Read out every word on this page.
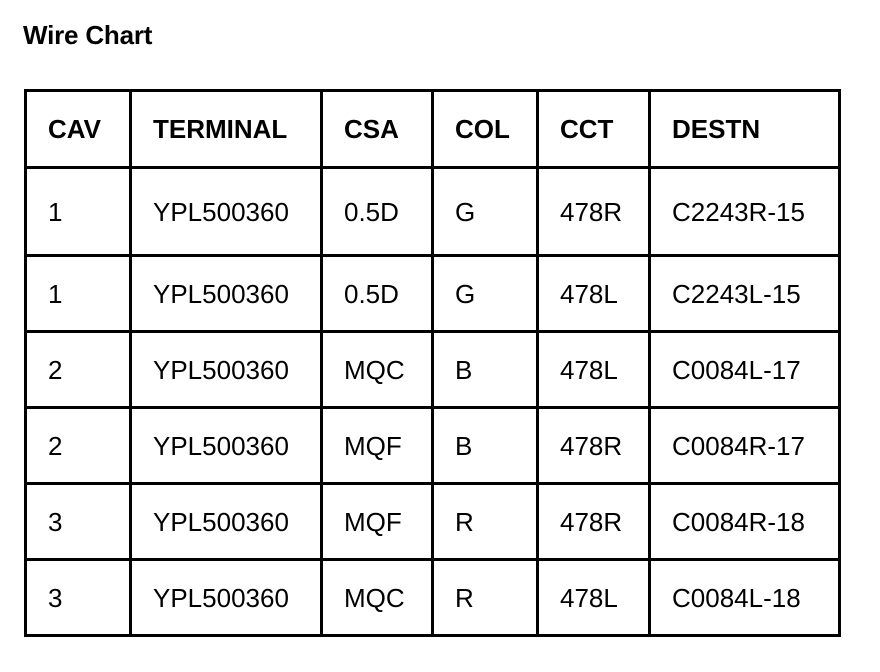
Wire Chart
CAV	TERMINAL	CSA	COL	CCT	DESTN
1	YPL500360	0.5D	G	478R	C2243R-15
1	YPL500360	0.5D	G	478L	C2243L-15
2	YPL500360	MQC	B	478L	C0084L-17
2	YPL500360	MQF	B	478R	C0084R-17
3	YPL500360	MQF	R	478R	C0084R-18
3	YPL500360	MQC	R	478L	C0084L-18
